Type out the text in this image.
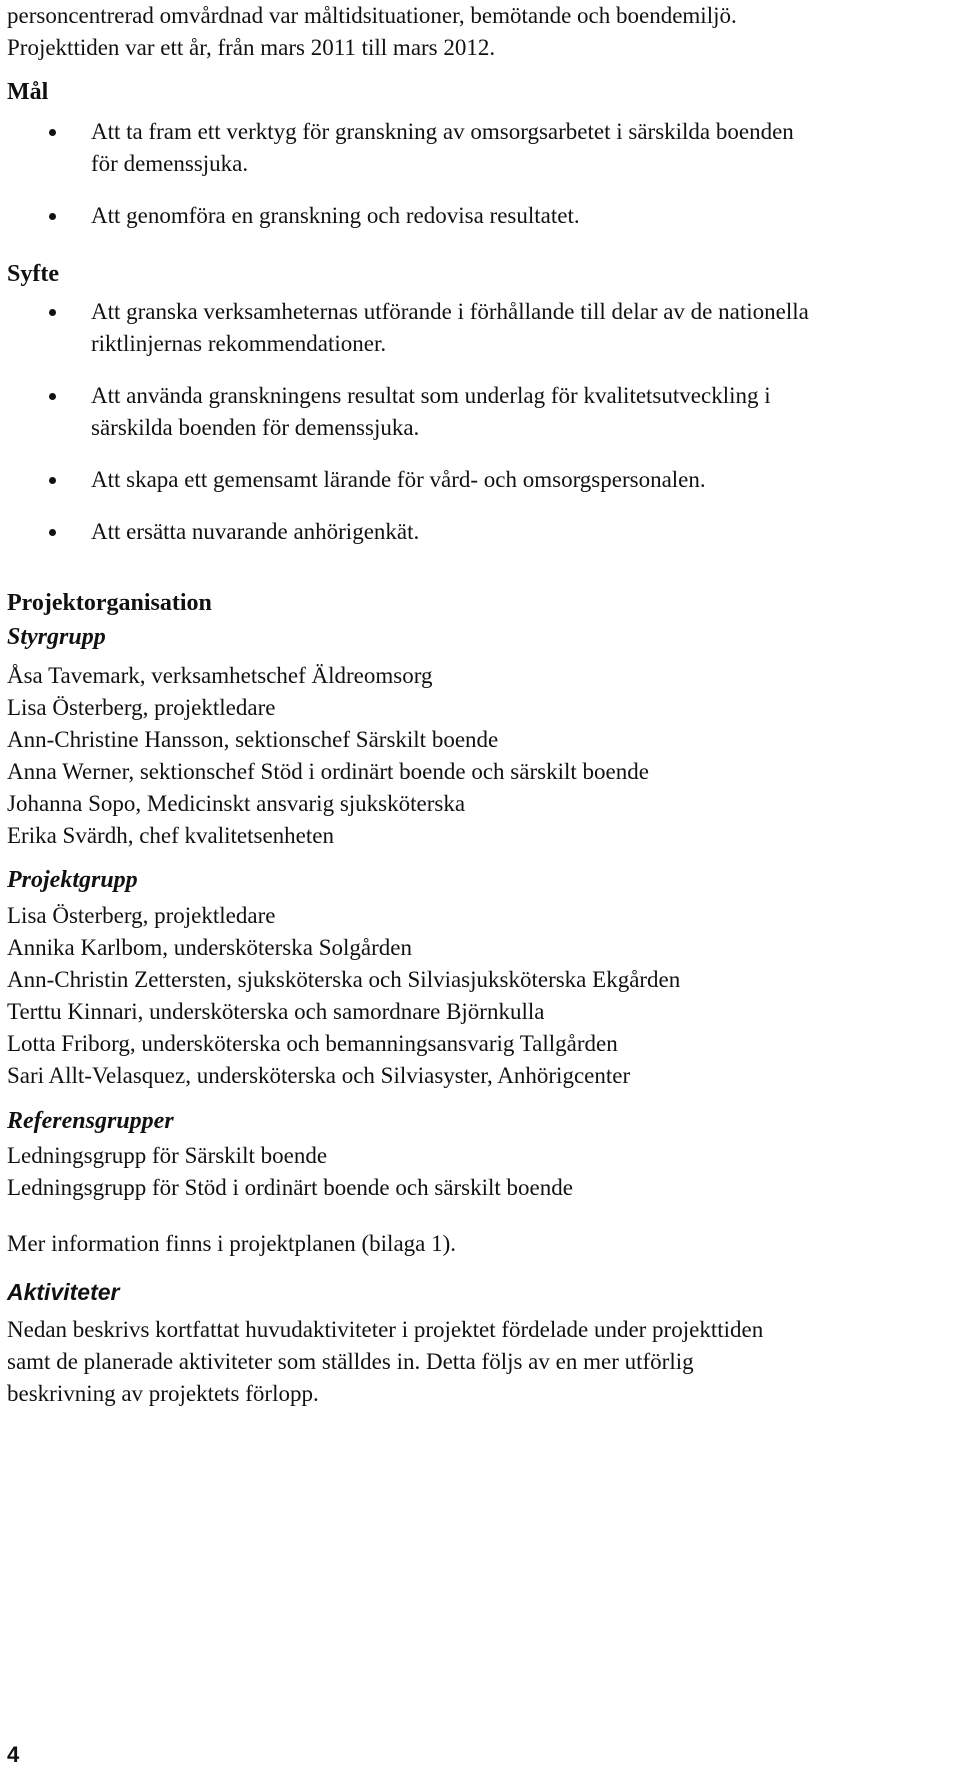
personcentrerad omvårdnad var måltidsituationer, bemötande och boendemiljö.
Projekttiden var ett år, från mars 2011 till mars 2012.
Mål
Att ta fram ett verktyg för granskning av omsorgsarbetet i särskilda boenden för demenssjuka.
Att genomföra en granskning och redovisa resultatet.
Syfte
Att granska verksamheternas utförande i förhållande till delar av de nationella riktlinjernas rekommendationer.
Att använda granskningens resultat som underlag för kvalitetsutveckling i särskilda boenden för demenssjuka.
Att skapa ett gemensamt lärande för vård- och omsorgspersonalen.
Att ersätta nuvarande anhörigenkät.
Projektorganisation
Styrgrupp
Åsa Tavemark, verksamhetschef Äldreomsorg
Lisa Österberg, projektledare
Ann-Christine Hansson, sektionschef Särskilt boende
Anna Werner, sektionschef Stöd i ordinärt boende och särskilt boende
Johanna Sopo, Medicinskt ansvarig sjuksköterska
Erika Svärdh, chef kvalitetsenheten
Projektgrupp
Lisa Österberg, projektledare
Annika Karlbom, undersköterska Solgården
Ann-Christin Zettersten, sjuksköterska och Silviasjuksköterska Ekgården
Terttu Kinnari, undersköterska och samordnare Björnkulla
Lotta Friborg, undersköterska och bemanningsansvarig Tallgården
Sari Allt-Velasquez, undersköterska och Silviasyster, Anhörigcenter
Referensgrupper
Ledningsgrupp för Särskilt boende
Ledningsgrupp för Stöd i ordinärt boende och särskilt boende
Mer information finns i projektplanen (bilaga 1).
Aktiviteter
Nedan beskrivs kortfattat huvudaktiviteter i projektet fördelade under projekttiden
samt de planerade aktiviteter som ställdes in. Detta följs av en mer utförlig
beskrivning av projektets förlopp.
4
